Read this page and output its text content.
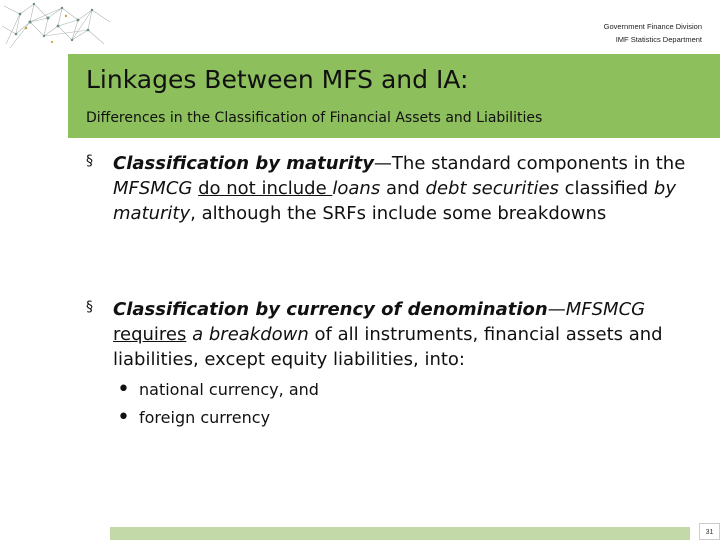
Government Finance Division
IMF Statistics Department
Linkages Between MFS and IA:
Differences in the Classification of Financial Assets and Liabilities
§ Classification by maturity—The standard components in the MFSMCG do not include loans and debt securities classified by maturity, although the SRFs include some breakdowns
§ Classification by currency of denomination—MFSMCG requires a breakdown of all instruments, financial assets and liabilities, except equity liabilities, into:
• national currency, and
• foreign currency
31
